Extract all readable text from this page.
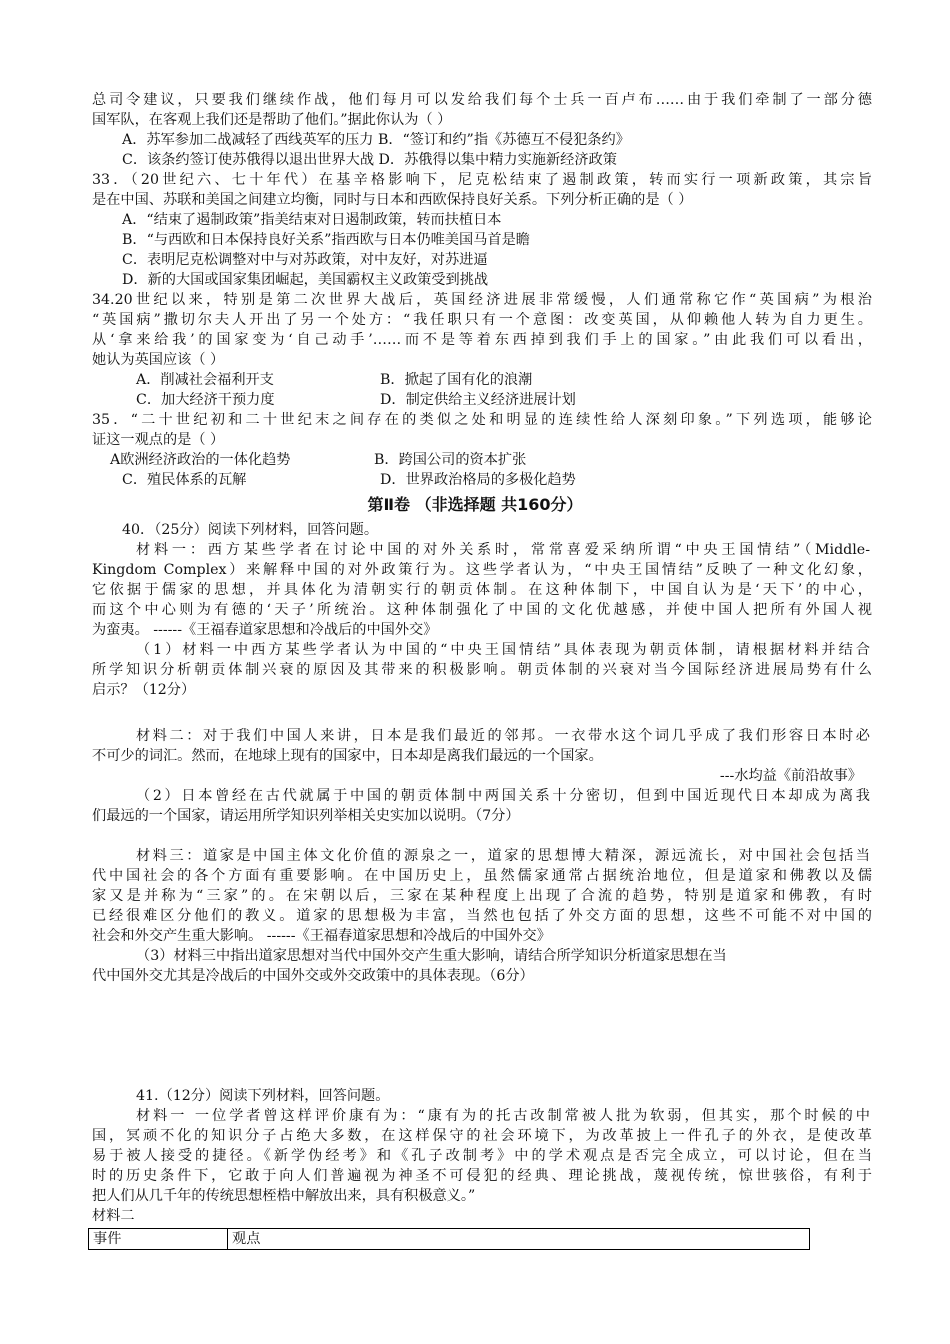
总司令建议，只要我们继续作战，他们每月可以发给我们每个士兵一百卢布……由于我们牵制了一部分德
国军队，在客观上我们还是帮助了他们。”据此你认为（ ）
A．苏军参加二战减轻了西线英军的压力 B．“签订和约”指《苏德互不侵犯条约》
C．该条约签订使苏俄得以退出世界大战 D．苏俄得以集中精力实施新经济政策
33．（20世纪六、七十年代）在基辛格影响下，尼克松结束了遏制政策，转而实行一项新政策，其宗旨
是在中国、苏联和美国之间建立均衡，同时与日本和西欧保持良好关系。下列分析正确的是（ ）
A．“结束了遏制政策”指美结束对日遏制政策，转而扶植日本
B．“与西欧和日本保持良好关系”指西欧与日本仍唯美国马首是瞻
C．表明尼克松调整对中与对苏政策，对中友好，对苏进逼
D．新的大国或国家集团崛起，美国霸权主义政策受到挑战
34.20世纪以来，特别是第二次世界大战后，英国经济进展非常缓慢，人们通常称它作“英国病”为根治
“英国病”撒切尔夫人开出了另一个处方：“我任职只有一个意图：改变英国，从仰赖他人转为自力更生。
从‘拿来给我’的国家变为‘自己动手’……而不是等着东西掉到我们手上的国家。”由此我们可以看出，
她认为英国应该（ ）
A．削减社会福利开支	B．掀起了国有化的浪潮
C．加大经济干预力度	D．制定供给主义经济进展计划
35．“二十世纪初和二十世纪末之间存在的类似之处和明显的连续性给人深刻印象。”下列选项，能够论
证这一观点的是（ ）
A欧洲经济政治的一体化趋势	B．跨国公司的资本扩张
C．殖民体系的瓦解	D．世界政治格局的多极化趋势
第Ⅱ卷 （非选择题 共160分）
40．（25分）阅读下列材料，回答问题。
材料一：西方某些学者在讨论中国的对外关系时，常常喜爱采纳所谓“中央王国情结”（Middle-
Kingdom Complex）来解释中国的对外政策行为。这些学者认为，“中央王国情结”反映了一种文化幻象，
它依据于儒家的思想，并具体化为清朝实行的朝贡体制。在这种体制下，中国自认为是‘天下’的中心，
而这个中心则为有德的‘天子’所统治。这种体制强化了中国的文化优越感，并使中国人把所有外国人视
为蛮夷。 ------《王福春道家思想和冷战后的中国外交》
（1）材料一中西方某些学者认为中国的“中央王国情结”具体表现为朝贡体制，请根据材料并结合
所学知识分析朝贡体制兴衰的原因及其带来的积极影响。朝贡体制的兴衰对当今国际经济进展局势有什么
启示？（12分）
材料二：对于我们中国人来讲，日本是我们最近的邻邦。一衣带水这个词几乎成了我们形容日本时必
不可少的词汇。然而，在地球上现有的国家中，日本却是离我们最远的一个国家。
---水均益《前沿故事》
（2）日本曾经在古代就属于中国的朝贡体制中两国关系十分密切，但到中国近现代日本却成为离我
们最远的一个国家，请运用所学知识列举相关史实加以说明。（7分）
材料三：道家是中国主体文化价值的源泉之一，道家的思想博大精深，源远流长，对中国社会包括当
代中国社会的各个方面有重要影响。在中国历史上，虽然儒家通常占据统治地位，但是道家和佛教以及儒
家又是并称为“三家”的。在宋朝以后，三家在某种程度上出现了合流的趋势，特别是道家和佛教，有时
已经很难区分他们的教义。道家的思想极为丰富，当然也包括了外交方面的思想，这些不可能不对中国的
社会和外交产生重大影响。 ------《王福春道家思想和冷战后的中国外交》
（3）材料三中指出道家思想对当代中国外交产生重大影响，请结合所学知识分析道家思想在当
代中国外交尤其是冷战后的中国外交或外交政策中的具体表现。（6分）
41.（12分）阅读下列材料，回答问题。
材料一 一位学者曾这样评价康有为：“康有为的托古改制常被人批为软弱，但其实，那个时候的中
国，冥顽不化的知识分子占绝大多数，在这样保守的社会环境下，为改革披上一件孔子的外衣，是使改革
易于被人接受的捷径。《新学伪经考》和《孔子改制考》中的学术观点是否完全成立，可以讨论，但在当
时的历史条件下，它敢于向人们普遍视为神圣不可侵犯的经典、理论挑战，蔑视传统，惊世骇俗，有利于
把人们从几千年的传统思想桎梏中解放出来，具有积极意义。”
材料二
事件	观点
